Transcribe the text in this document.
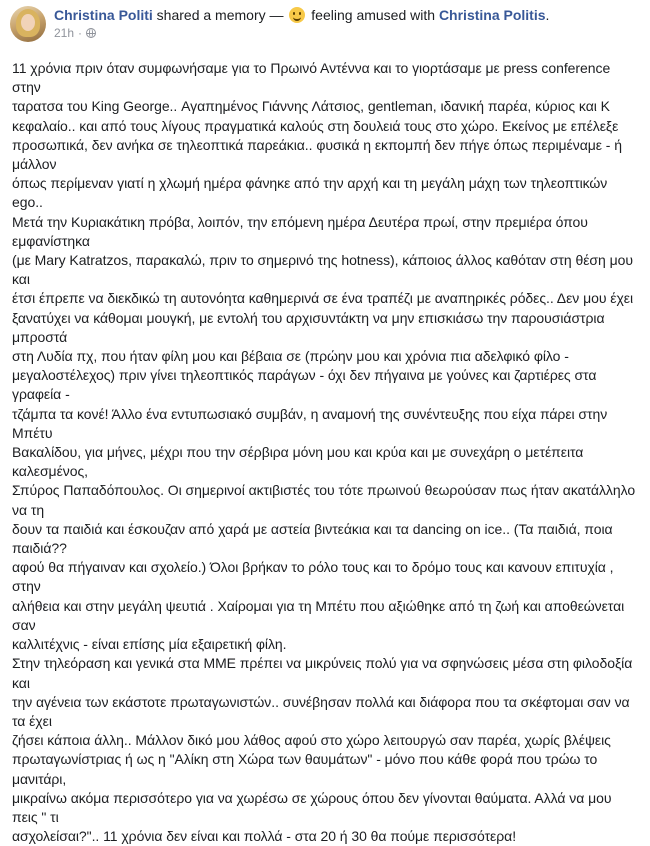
Christina Politi shared a memory —  feeling amused with Christina Politis.
21h ·
11 χρόνια πριν όταν συμφωνήσαμε για το Πρωινό Αντέννα και το γιορτάσαμε με press conference στην
ταρατσα του King George.. Αγαπημένος Γιάννης Λάτσιος, gentleman, ιδανική παρέα, κύριος και Κ
κεφαλαίο.. και από τους λίγους πραγματικά καλούς στη δουλειά τους στο χώρο. Εκείνος με επέλεξε
προσωπικά, δεν ανήκα σε τηλεοπτικά παρεάκια.. φυσικά η εκπομπή δεν πήγε όπως περιμέναμε - ή μάλλον
όπως περίμεναν γιατί η χλωμή ημέρα φάνηκε από την αρχή και τη μεγάλη μάχη των τηλεοπτικών ego..
Μετά την Κυριακάτικη πρόβα, λοιπόν, την επόμενη ημέρα Δευτέρα πρωί, στην πρεμιέρα όπου εμφανίστηκα
(με Mary Katratzos, παρακαλώ, πριν το σημερινό της hotness), κάποιος άλλος καθόταν στη θέση μου και
έτσι έπρεπε να διεκδικώ τη αυτονόητα καθημερινά σε ένα τραπέζι με αναπηρικές ρόδες.. Δεν μου έχει
ξανατύχει να κάθομαι μουγκή, με εντολή του αρχισυντάκτη να μην επισκιάσω την παρουσιάστρια μπροστά
στη Λυδία πχ, που ήταν φίλη μου και βέβαια σε (πρώην μου και χρόνια πια αδελφικό φίλο -
μεγαλοστέλεχος) πριν γίνει τηλεοπτικός παράγων - όχι δεν πήγαινα με γούνες και ζαρτιέρες στα γραφεία -
τζάμπα τα κονέ! Άλλο ένα εντυπωσιακό συμβάν, η αναμονή της συνέντευξης που είχα πάρει στην Μπέτυ
Βακαλίδου, για μήνες, μέχρι που την σέρβιρα μόνη μου και κρύα και με συνεχάρη ο μετέπειτα καλεσμένος,
Σπύρος Παπαδόπουλος. Οι σημερινοί ακτιβιστές του τότε πρωινού θεωρούσαν πως ήταν ακατάλληλο να τη
δουν τα παιδιά και έσκουζαν από χαρά με αστεία βιντεάκια και τα dancing on ice.. (Τα παιδιά, ποια παιδιά??
αφού θα πήγαιναν και σχολείο.) Όλοι βρήκαν το ρόλο τους και το δρόμο τους και κανουν επιτυχία , στην
αλήθεια και στην μεγάλη ψευτιά . Χαίρομαι για τη Μπέτυ που αξιώθηκε από τη ζωή και αποθεώνεται σαν
καλλιτέχνις - είναι επίσης μία εξαιρετική φίλη.
Στην τηλεόραση και γενικά στα ΜΜΕ πρέπει να μικρύνεις πολύ για να σφηνώσεις μέσα στη φιλοδοξία και
την αγένεια των εκάστοτε πρωταγωνιστών.. συνέβησαν πολλά και διάφορα που τα σκέφτομαι σαν να τα έχει
ζήσει κάποια άλλη.. Μάλλον δικό μου λάθος αφού στο χώρο λειτουργώ σαν παρέα, χωρίς βλέψεις
πρωταγωνίστριας ή ως η "Αλίκη στη Χώρα των θαυμάτων" - μόνο που κάθε φορά που τρώω το μανιτάρι,
μικραίνω ακόμα περισσότερο για να χωρέσω σε χώρους όπου δεν γίνονται θαύματα. Αλλά να μου πεις " τι
ασχολείσαι?".. 11 χρόνια δεν είναι και πολλά - στα 20 ή 30 θα πούμε περισσότερα!
